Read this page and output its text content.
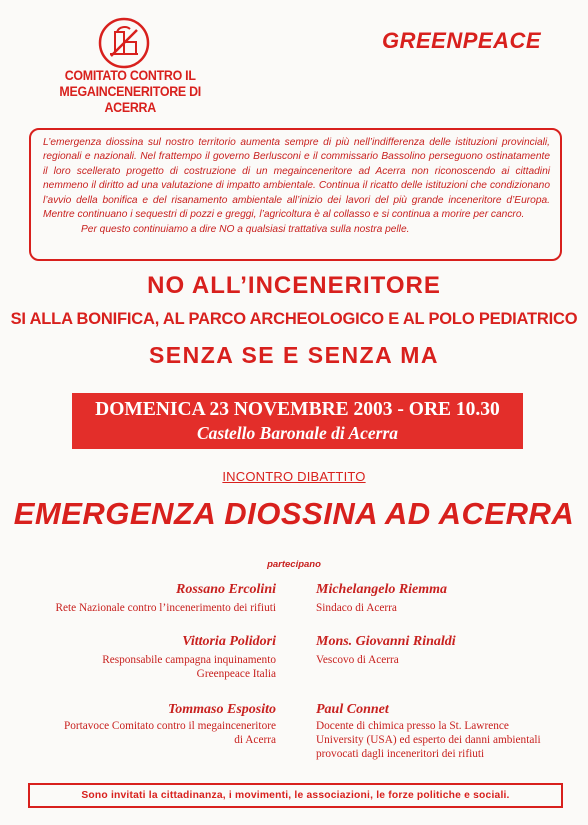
COMITATO CONTRO IL
MEGAINCENERITORE DI ACERRA
GREENPEACE

L’emergenza diossina sul nostro territorio aumenta sempre di più nell’indifferenza delle istituzioni provinciali, regionali e nazionali. Nel frattempo il governo Berlusconi e il commissario Bassolino perseguono ostinatamente il loro scellerato progetto di costruzione di un megainceneritore ad Acerra non riconoscendo ai cittadini nemmeno il diritto ad una valutazione di impatto ambientale. Continua il ricatto delle istituzioni che condizionano l’avvio della bonifica e del risanamento ambientale all’inizio dei lavori del più grande inceneritore d’Europa. Mentre continuano i sequestri di pozzi e greggi, l’agricoltura è al collasso e si continua a morire per cancro.

Per questo continuiamo a dire NO a qualsiasi trattativa sulla nostra pelle.

NO ALL’INCENERITORE
SI ALLA BONIFICA, AL PARCO ARCHEOLOGICO E AL POLO PEDIATRICO
SENZA SE E SENZA MA
DOMENICA 23 NOVEMBRE 2003 - ORE 10.30
Castello Baronale di Acerra
INCONTRO DIBATTITO
EMERGENZA DIOSSINA AD ACERRA
partecipano
Rossano Ercolini
Rete Nazionale contro l’incenerimento dei rifiuti
Michelangelo Riemma
Sindaco di Acerra
Vittoria Polidori
Responsabile campagna inquinamento
Greenpeace Italia
Mons. Giovanni Rinaldi
Vescovo di Acerra
Tommaso Esposito
Portavoce Comitato contro il megainceneritore
di Acerra
Paul Connet
Docente di chimica presso la St. Lawrence
University (USA) ed esperto dei danni ambientali
provocati dagli inceneritori dei rifiuti
Sono invitati la cittadinanza, i movimenti, le associazioni, le forze politiche e sociali.
